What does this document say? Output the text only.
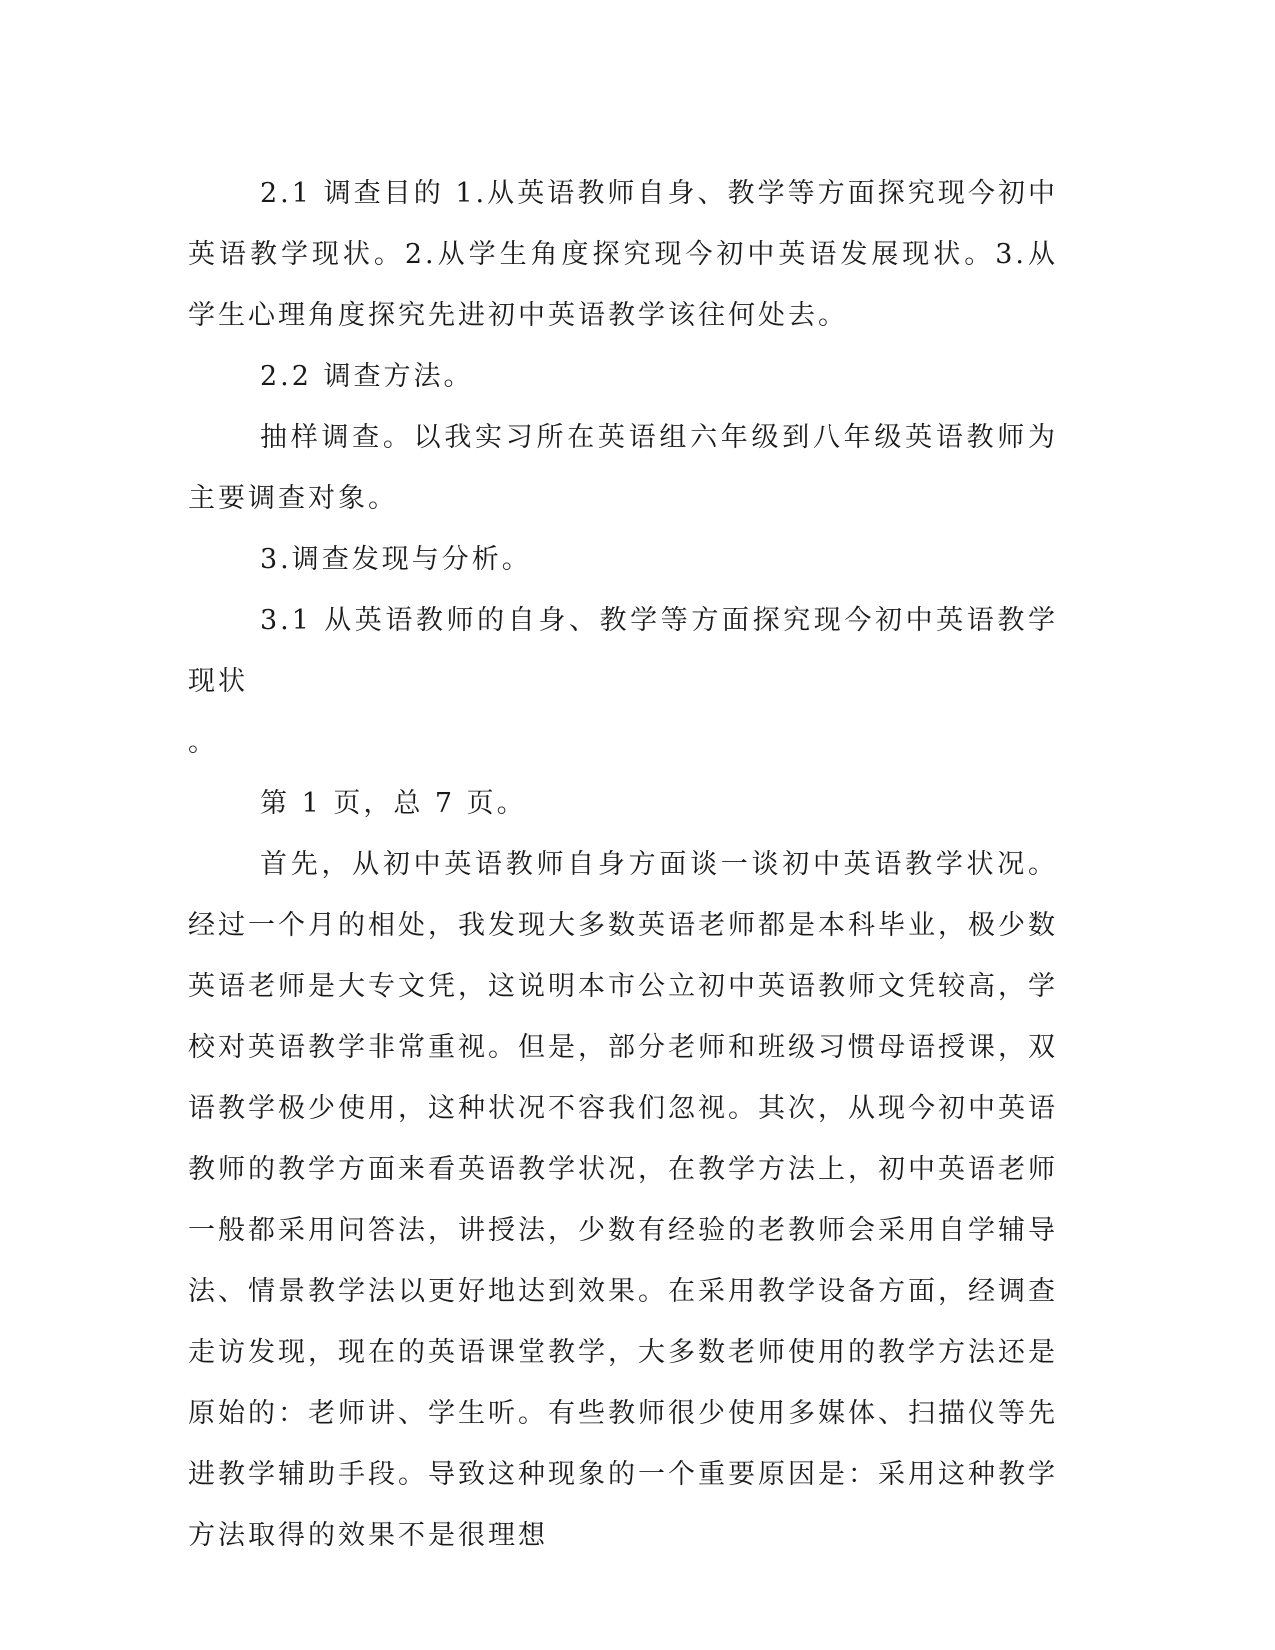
2.1 调查目的 1.从英语教师自身、教学等方面探究现今初中英语教学现状。2.从学生角度探究现今初中英语发展现状。3.从学生心理角度探究先进初中英语教学该往何处去。

2.2 调查方法。

抽样调查。以我实习所在英语组六年级到八年级英语教师为主要调查对象。

3.调查发现与分析。

3.1 从英语教师的自身、教学等方面探究现今初中英语教学现状

。

第 1 页，总 7 页。

首先，从初中英语教师自身方面谈一谈初中英语教学状况。经过一个月的相处，我发现大多数英语老师都是本科毕业，极少数英语老师是大专文凭，这说明本市公立初中英语教师文凭较高，学校对英语教学非常重视。但是，部分老师和班级习惯母语授课，双语教学极少使用，这种状况不容我们忽视。其次，从现今初中英语教师的教学方面来看英语教学状况，在教学方法上，初中英语老师一般都采用问答法，讲授法，少数有经验的老教师会采用自学辅导法、情景教学法以更好地达到效果。在采用教学设备方面，经调查走访发现，现在的英语课堂教学，大多数老师使用的教学方法还是原始的：老师讲、学生听。有些教师很少使用多媒体、扫描仪等先进教学辅助手段。导致这种现象的一个重要原因是：采用这种教学方法取得的效果不是很理想
